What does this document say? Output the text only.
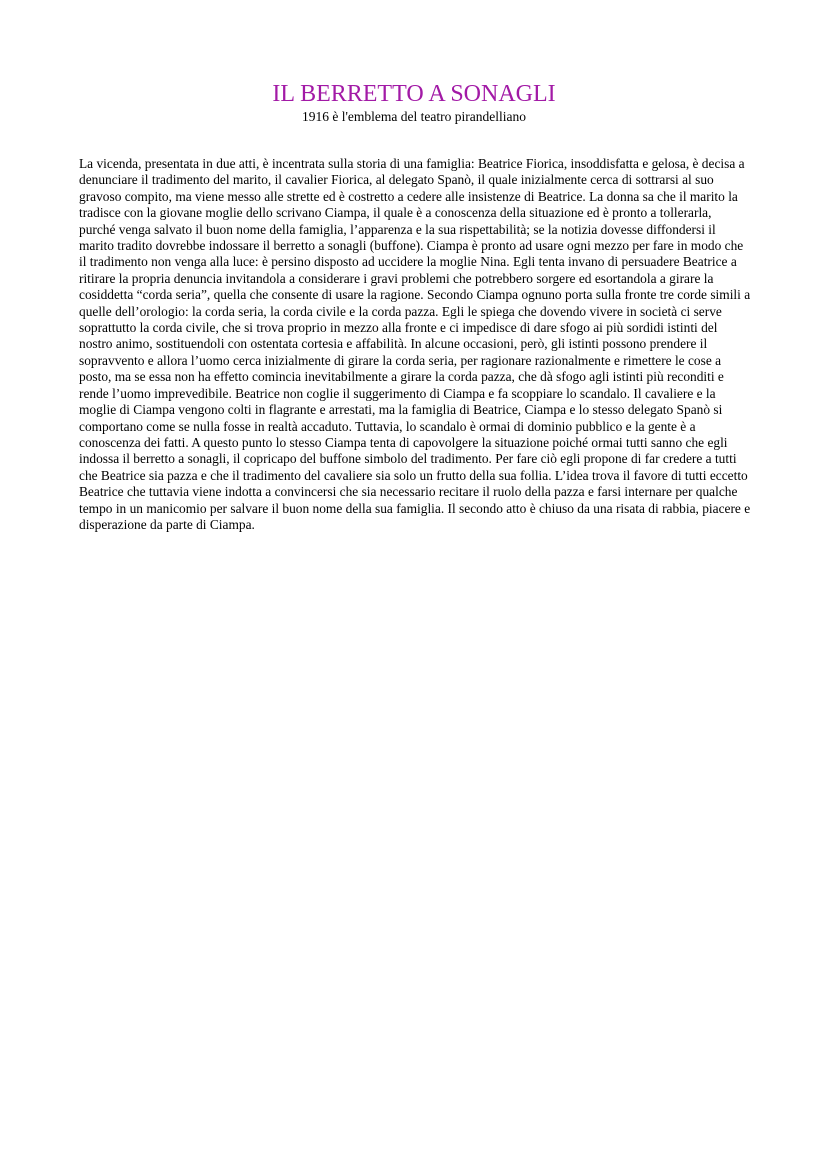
IL BERRETTO A SONAGLI

1916 è l'emblema del teatro pirandelliano

La vicenda, presentata in due atti, è incentrata sulla storia di una famiglia: Beatrice Fiorica, insoddisfatta e gelosa, è decisa a denunciare il tradimento del marito, il cavalier Fiorica, al delegato Spanò, il quale inizialmente cerca di sottrarsi al suo gravoso compito, ma viene messo alle strette ed è costretto a cedere alle insistenze di Beatrice. La donna sa che il marito la tradisce con la giovane moglie dello scrivano Ciampa, il quale è a conoscenza della situazione ed è pronto a tollerarla, purché venga salvato il buon nome della famiglia, l’apparenza e la sua rispettabilità; se la notizia dovesse diffondersi il marito tradito dovrebbe indossare il berretto a sonagli (buffone). Ciampa è pronto ad usare ogni mezzo per fare in modo che il tradimento non venga alla luce: è persino disposto ad uccidere la moglie Nina. Egli tenta invano di persuadere Beatrice a ritirare la propria denuncia invitandola a considerare i gravi problemi che potrebbero sorgere ed esortandola a girare la cosiddetta “corda seria”, quella che consente di usare la ragione. Secondo Ciampa ognuno porta sulla fronte tre corde simili a quelle dell’orologio: la corda seria, la corda civile e la corda pazza. Egli le spiega che dovendo vivere in società ci serve soprattutto la corda civile, che si trova proprio in mezzo alla fronte e ci impedisce di dare sfogo ai più sordidi istinti del nostro animo, sostituendoli con ostentata cortesia e affabilità. In alcune occasioni, però, gli istinti possono prendere il sopravvento e allora l’uomo cerca inizialmente di girare la corda seria, per ragionare razionalmente e rimettere le cose a posto, ma se essa non ha effetto comincia inevitabilmente a girare la corda pazza, che dà sfogo agli istinti più reconditi e rende l’uomo imprevedibile. Beatrice non coglie il suggerimento di Ciampa e fa scoppiare lo scandalo. Il cavaliere e la moglie di Ciampa vengono colti in flagrante e arrestati, ma la famiglia di Beatrice, Ciampa e lo stesso delegato Spanò si comportano come se nulla fosse in realtà accaduto. Tuttavia, lo scandalo è ormai di dominio pubblico e la gente è a conoscenza dei fatti. A questo punto lo stesso Ciampa tenta di capovolgere la situazione poiché ormai tutti sanno che egli indossa il berretto a sonagli, il copricapo del buffone simbolo del tradimento. Per fare ciò egli propone di far credere a tutti che Beatrice sia pazza e che il tradimento del cavaliere sia solo un frutto della sua follia. L’idea trova il favore di tutti eccetto Beatrice che tuttavia viene indotta a convincersi che sia necessario recitare il ruolo della pazza e farsi internare per qualche tempo in un manicomio per salvare il buon nome della sua famiglia. Il secondo atto è chiuso da una risata di rabbia, piacere e disperazione da parte di Ciampa.
